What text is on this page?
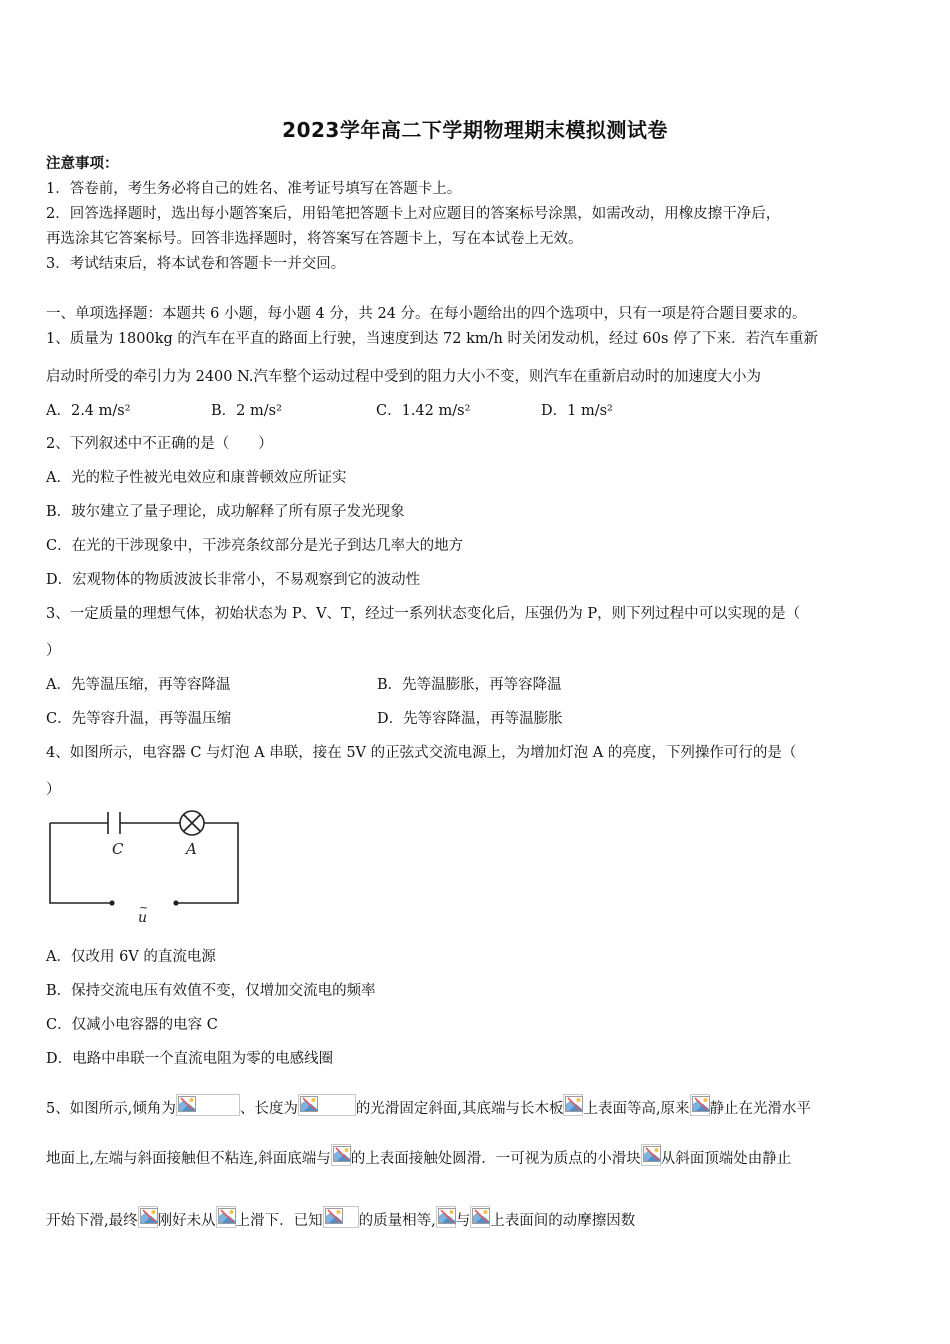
2023学年高二下学期物理期末模拟测试卷
注意事项：
1．答卷前，考生务必将自己的姓名、准考证号填写在答题卡上。
2．回答选择题时，选出每小题答案后，用铅笔把答题卡上对应题目的答案标号涂黑，如需改动，用橡皮擦干净后，
再选涂其它答案标号。回答非选择题时，将答案写在答题卡上，写在本试卷上无效。
3．考试结束后，将本试卷和答题卡一并交回。
一、单项选择题：本题共 6 小题，每小题 4 分，共 24 分。在每小题给出的四个选项中，只有一项是符合题目要求的。
1、质量为 1800kg 的汽车在平直的路面上行驶，当速度到达 72 km/h 时关闭发动机，经过 60s 停了下来．若汽车重新
启动时所受的牵引力为 2400 N.汽车整个运动过程中受到的阻力大小不变，则汽车在重新启动时的加速度大小为
A．2.4 m/s²	B．2 m/s²	C．1.42 m/s²	D．1 m/s²
2、下列叙述中不正确的是（　　）
A．光的粒子性被光电效应和康普顿效应所证实
B．玻尔建立了量子理论，成功解释了所有原子发光现象
C．在光的干涉现象中，干涉亮条纹部分是光子到达几率大的地方
D．宏观物体的物质波波长非常小，不易观察到它的波动性
3、一定质量的理想气体，初始状态为 P、V、T，经过一系列状态变化后，压强仍为 P，则下列过程中可以实现的是（
）
A．先等温压缩，再等容降温	B．先等温膨胀，再等容降温
C．先等容升温，再等温压缩	D．先等容降温，再等温膨胀
4、如图所示，电容器 C 与灯泡 A 串联，接在 5V 的正弦式交流电源上，为增加灯泡 A 的亮度，下列操作可行的是（
）
C	A
~
u
A．仅改用 6V 的直流电源
B．保持交流电压有效值不变，仅增加交流电的频率
C．仅减小电容器的电容 C
D．电路中串联一个直流电阻为零的电感线圈
5、如图所示,倾角为	、长度为	的光滑固定斜面,其底端与长木板 上表面等高,原来 静止在光滑水平
地面上,左端与斜面接触但不粘连,斜面底端与 的上表面接触处圆滑．一可视为质点的小滑块 从斜面顶端处由静止
开始下滑,最终 刚好未从 上滑下．已知 的质量相等, 与 上表面间的动摩擦因数
